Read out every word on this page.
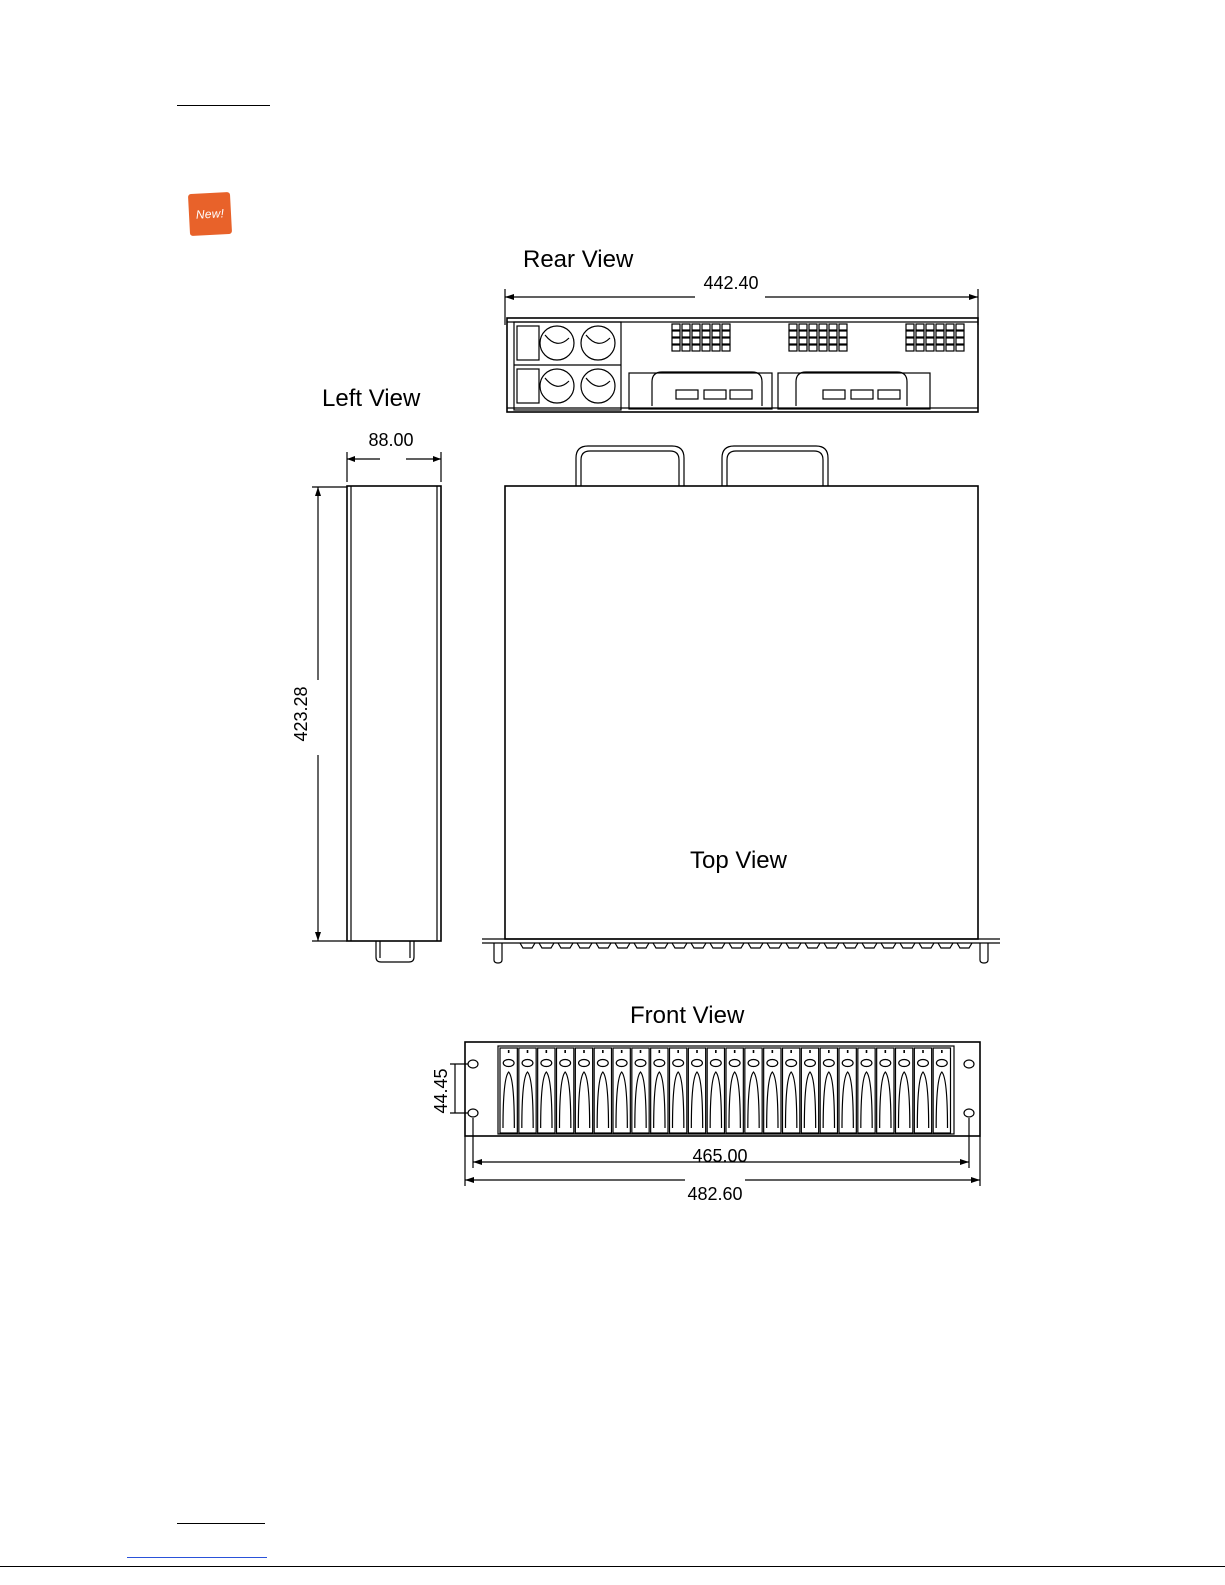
New!
Rear View
442.40
Left View
88.00
423.28
Top View
Front View
44.45
465.00
482.60
